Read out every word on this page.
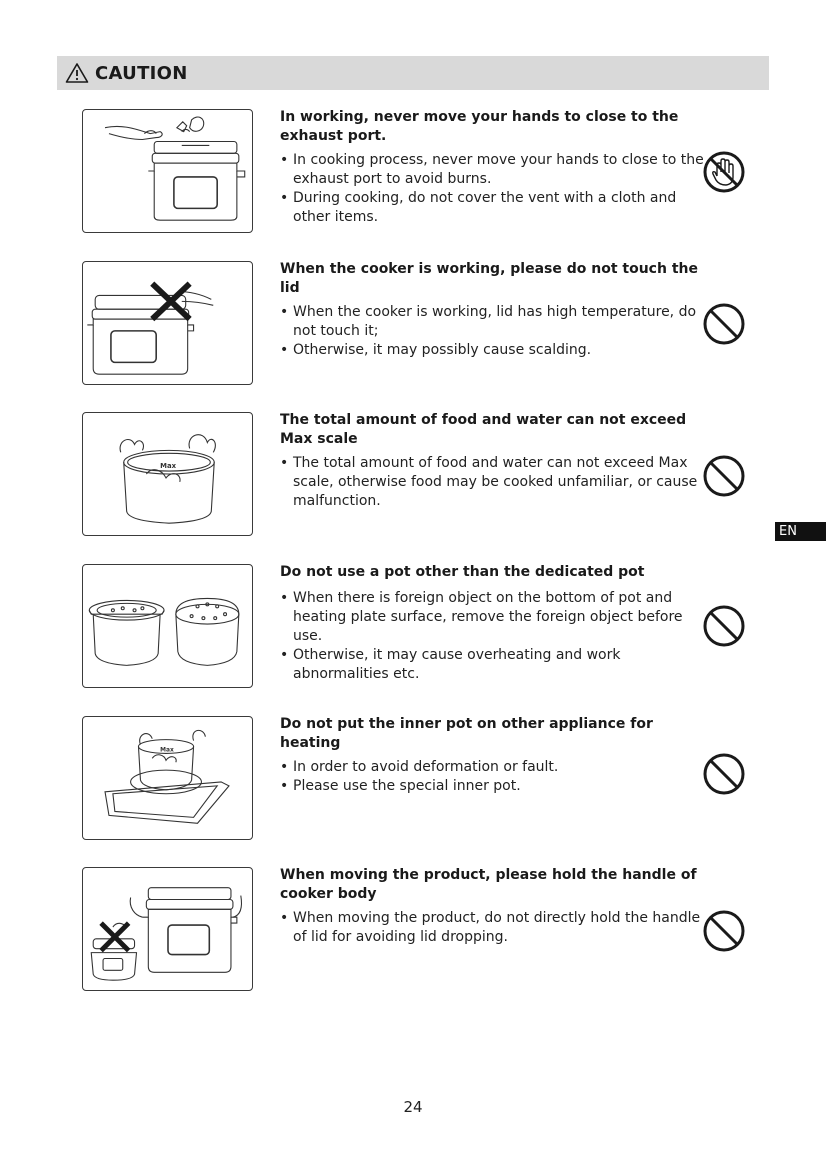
CAUTION
EN
In working, never move your hands to close to the exhaust port.
• In cooking process, never move your hands to close to the exhaust port to avoid burns.
• During cooking, do not cover the vent with a cloth and other items.
When the cooker is working, please do not touch the lid
• When the cooker is working, lid has high temperature, do not touch it;
• Otherwise, it may possibly cause scalding.
Max
The total amount of food and water can not exceed Max scale
• The total amount of food and water can not exceed Max scale, otherwise food may be cooked unfamiliar, or cause malfunction.
Do not use a pot other than the dedicated pot
• When there is foreign object on the bottom of pot and heating plate surface, remove the foreign object before use.
• Otherwise, it may cause overheating and work abnormalities etc.
Max
Do not put the inner pot on other appliance for heating
• In order to avoid deformation or fault.
• Please use the special inner pot.
When moving the product, please hold the handle of cooker body
• When moving the product, do not directly hold the handle of lid for avoiding lid dropping.
24
